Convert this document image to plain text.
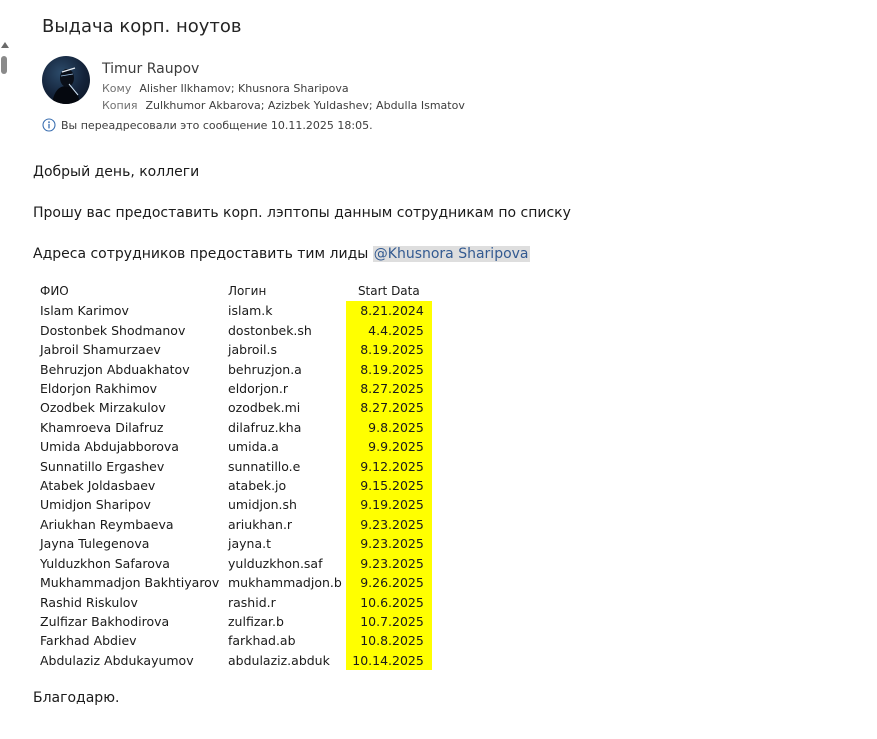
Выдача корп. ноутов
Timur Raupov
Кому Alisher Ilkhamov; Khusnora Sharipova
Копия Zulkhumor Akbarova; Azizbek Yuldashev; Abdulla Ismatov
Вы переадресовали это сообщение 10.11.2025 18:05.
Добрый день, коллеги
Прошу вас предоставить корп. лэптопы данным сотрудникам по списку
Адреса сотрудников предоставить тим лиды @Khusnora Sharipova
ФИО	Логин	Start Data
Islam Karimov	islam.k	8.21.2024
Dostonbek Shodmanov	dostonbek.sh	4.4.2025
Jabroil Shamurzaev	jabroil.s	8.19.2025
Behruzjon Abduakhatov	behruzjon.a	8.19.2025
Eldorjon Rakhimov	eldorjon.r	8.27.2025
Ozodbek Mirzakulov	ozodbek.mi	8.27.2025
Khamroeva Dilafruz	dilafruz.kha	9.8.2025
Umida Abdujabborova	umida.a	9.9.2025
Sunnatillo Ergashev	sunnatillo.e	9.12.2025
Atabek Joldasbaev	atabek.jo	9.15.2025
Umidjon Sharipov	umidjon.sh	9.19.2025
Ariukhan Reymbaeva	ariukhan.r	9.23.2025
Jayna Tulegenova	jayna.t	9.23.2025
Yulduzkhon Safarova	yulduzkhon.saf	9.23.2025
Mukhammadjon Bakhtiyarov	mukhammadjon.b	9.26.2025
Rashid Riskulov	rashid.r	10.6.2025
Zulfizar Bakhodirova	zulfizar.b	10.7.2025
Farkhad Abdiev	farkhad.ab	10.8.2025
Abdulaziz Abdukayumov	abdulaziz.abduk	10.14.2025
Благодарю.
